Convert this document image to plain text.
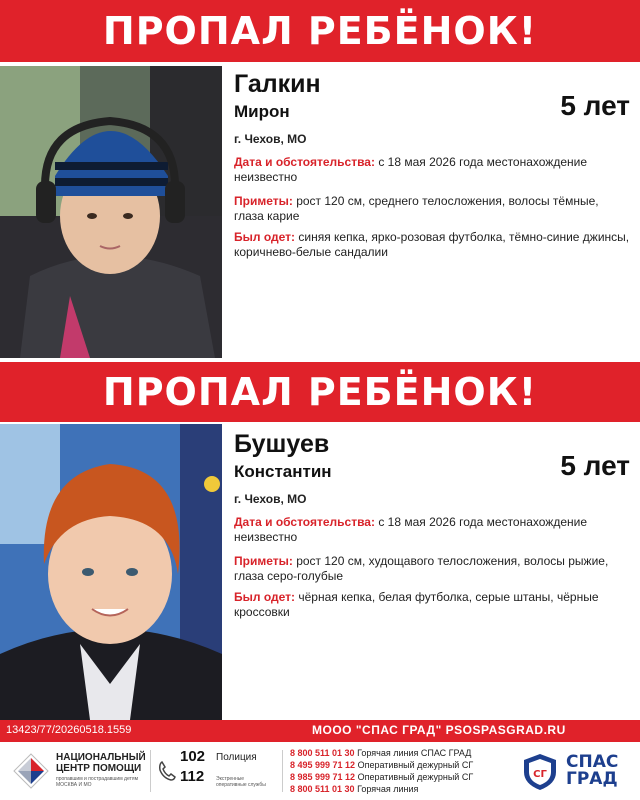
ПРОПАЛ РЕБЁНОК!
Галкин
Мирон	5 лет
г. Чехов, МО
Дата и обстоятельства: с 18 мая 2026 года местонахождение неизвестно
Приметы: рост 120 см, среднего телосложения, волосы тёмные, глаза карие
Был одет: синяя кепка, ярко-розовая футболка, тёмно-синие джинсы, коричнево-белые сандалии
ПРОПАЛ РЕБЁНОК!
Бушуев
Константин	5 лет
г. Чехов, МО
Дата и обстоятельства: с 18 мая 2026 года местонахождение неизвестно
Приметы: рост 120 см, худощавого телосложения, волосы рыжие, глаза серо-голубые
Был одет: чёрная кепка, белая футболка, серые штаны, чёрные кроссовки
13423/77/20260518.1559	МООО "СПАС ГРАД" PSOSPASGRAD.RU
НАЦИОНАЛЬНЫЙ
ЦЕНТР ПОМОЩИ
пропавшим и пострадавшим детям МОСКВА И МО
102 Полиция
112 Экстренные оперативные службы
8 800 511 01 30 Горячая линия СПАС ГРАД
8 495 999 71 12 Оперативный дежурный СГ
8 985 999 71 12 Оперативный дежурный СГ
8 800 511 01 30 Горячая линия
СГ
СПАС
ГРАД
